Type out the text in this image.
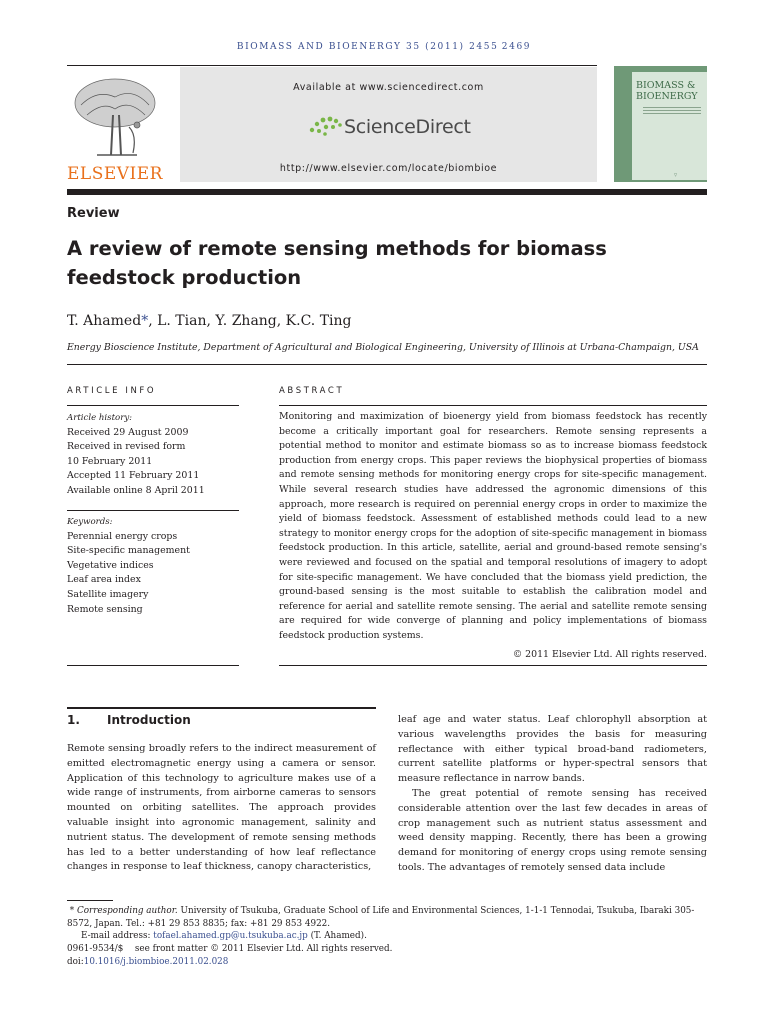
BIOMASS AND BIOENERGY 35 (2011) 2455 2469
ELSEVIER
Available at www.sciencedirect.com
ScienceDirect
http://www.elsevier.com/locate/biombioe
BIOMASS & BIOENERGY
▽
Review
A review of remote sensing methods for biomass feedstock production
T. Ahamed*, L. Tian, Y. Zhang, K.C. Ting
Energy Bioscience Institute, Department of Agricultural and Biological Engineering, University of Illinois at Urbana-Champaign, USA
ARTICLE INFO	ABSTRACT
Article history:
Received 29 August 2009
Received in revised form
10 February 2011
Accepted 11 February 2011
Available online 8 April 2011
Keywords:
Perennial energy crops
Site-specific management
Vegetative indices
Leaf area index
Satellite imagery
Remote sensing

Monitoring and maximization of bioenergy yield from biomass feedstock has recently become a critically important goal for researchers. Remote sensing represents a potential method to monitor and estimate biomass so as to increase biomass feedstock production from energy crops. This paper reviews the biophysical properties of biomass and remote sensing methods for monitoring energy crops for site-specific management. While several research studies have addressed the agronomic dimensions of this approach, more research is required on perennial energy crops in order to maximize the yield of biomass feedstock. Assessment of established methods could lead to a new strategy to monitor energy crops for the adoption of site-specific management in biomass feedstock production. In this article, satellite, aerial and ground-based remote sensing's were reviewed and focused on the spatial and temporal resolutions of imagery to adopt for site-specific management. We have concluded that the biomass yield prediction, the ground-based sensing is the most suitable to establish the calibration model and reference for aerial and satellite remote sensing. The aerial and satellite remote sensing are required for wide converge of planning and policy implementations of biomass feedstock production systems.

© 2011 Elsevier Ltd. All rights reserved.
1. Introduction

Remote sensing broadly refers to the indirect measurement of emitted electromagnetic energy using a camera or sensor. Application of this technology to agriculture makes use of a wide range of instruments, from airborne cameras to sensors mounted on orbiting satellites. The approach provides valuable insight into agronomic management, salinity and nutrient status. The development of remote sensing methods has led to a better understanding of how leaf reflectance changes in response to leaf thickness, canopy characteristics,

leaf age and water status. Leaf chlorophyll absorption at various wavelengths provides the basis for measuring reflectance with either typical broad-band radiometers, current satellite platforms or hyper-spectral sensors that measure reflectance in narrow bands.

The great potential of remote sensing has received considerable attention over the last few decades in areas of crop management such as nutrient status assessment and weed density mapping. Recently, there has been a growing demand for monitoring of energy crops using remote sensing tools. The advantages of remotely sensed data include

* Corresponding author. University of Tsukuba, Graduate School of Life and Environmental Sciences, 1-1-1 Tennodai, Tsukuba, Ibaraki 305-8572, Japan. Tel.: +81 29 853 8835; fax: +81 29 853 4922.
E-mail address: tofael.ahamed.gp@u.tsukuba.ac.jp (T. Ahamed).
0961-9534/$  see front matter © 2011 Elsevier Ltd. All rights reserved.
doi:10.1016/j.biombioe.2011.02.028
